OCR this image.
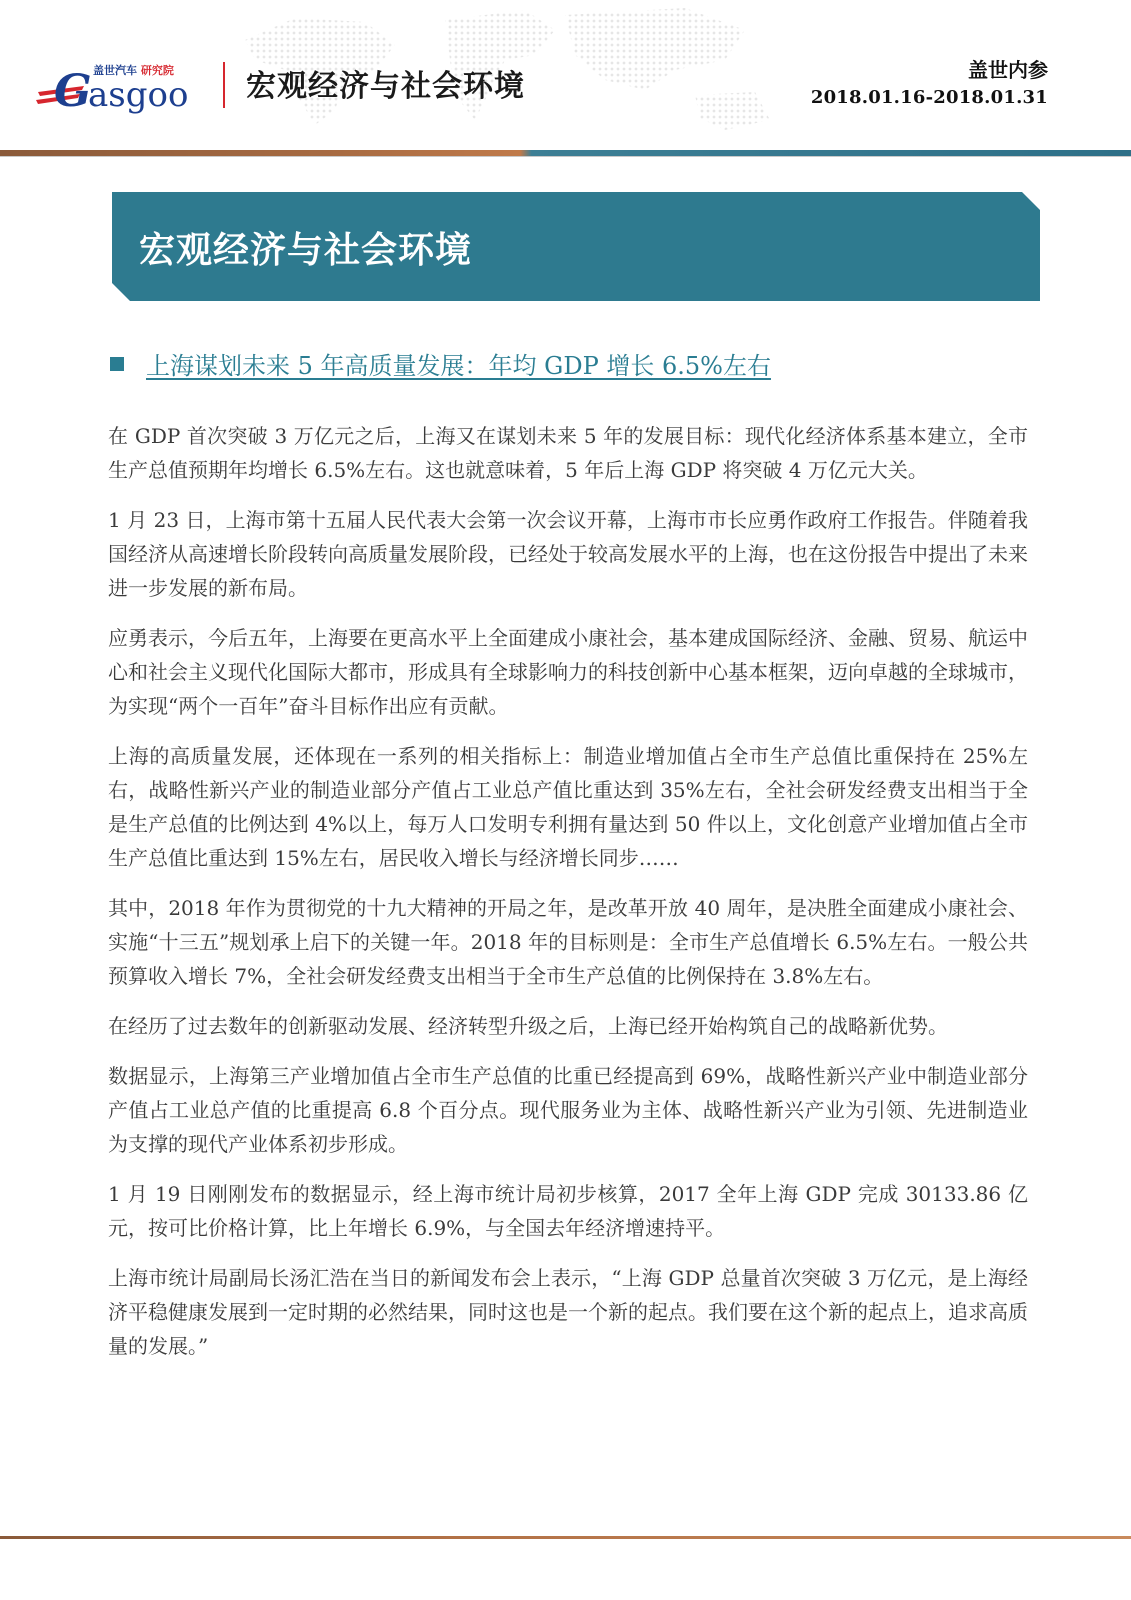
G
asgoo
盖世汽车 研究院 宏观经济与社会环境	盖世内参
2018.01.16-2018.01.31
宏观经济与社会环境
上海谋划未来 5 年高质量发展：年均 GDP 增长 6.5%左右

在 GDP 首次突破 3 万亿元之后，上海又在谋划未来 5 年的发展目标：现代化经济体系基本建立，全市生产总值预期年均增长 6.5%左右。这也就意味着，5 年后上海 GDP 将突破 4 万亿元大关。

1 月 23 日，上海市第十五届人民代表大会第一次会议开幕，上海市市长应勇作政府工作报告。伴随着我国经济从高速增长阶段转向高质量发展阶段，已经处于较高发展水平的上海，也在这份报告中提出了未来进一步发展的新布局。

应勇表示，今后五年，上海要在更高水平上全面建成小康社会，基本建成国际经济、金融、贸易、航运中心和社会主义现代化国际大都市，形成具有全球影响力的科技创新中心基本框架，迈向卓越的全球城市，为实现“两个一百年”奋斗目标作出应有贡献。

上海的高质量发展，还体现在一系列的相关指标上：制造业增加值占全市生产总值比重保持在 25%左右，战略性新兴产业的制造业部分产值占工业总产值比重达到 35%左右，全社会研发经费支出相当于全是生产总值的比例达到 4%以上，每万人口发明专利拥有量达到 50 件以上，文化创意产业增加值占全市生产总值比重达到 15%左右，居民收入增长与经济增长同步……

其中，2018 年作为贯彻党的十九大精神的开局之年，是改革开放 40 周年，是决胜全面建成小康社会、实施“十三五”规划承上启下的关键一年。2018 年的目标则是：全市生产总值增长 6.5%左右。一般公共预算收入增长 7%，全社会研发经费支出相当于全市生产总值的比例保持在 3.8%左右。

在经历了过去数年的创新驱动发展、经济转型升级之后，上海已经开始构筑自己的战略新优势。

数据显示，上海第三产业增加值占全市生产总值的比重已经提高到 69%，战略性新兴产业中制造业部分产值占工业总产值的比重提高 6.8 个百分点。现代服务业为主体、战略性新兴产业为引领、先进制造业为支撑的现代产业体系初步形成。

1 月 19 日刚刚发布的数据显示，经上海市统计局初步核算，2017 全年上海 GDP 完成 30133.86 亿元，按可比价格计算，比上年增长 6.9%，与全国去年经济增速持平。

上海市统计局副局长汤汇浩在当日的新闻发布会上表示，“上海 GDP 总量首次突破 3 万亿元，是上海经济平稳健康发展到一定时期的必然结果，同时这也是一个新的起点。我们要在这个新的起点上，追求高质量的发展。”
